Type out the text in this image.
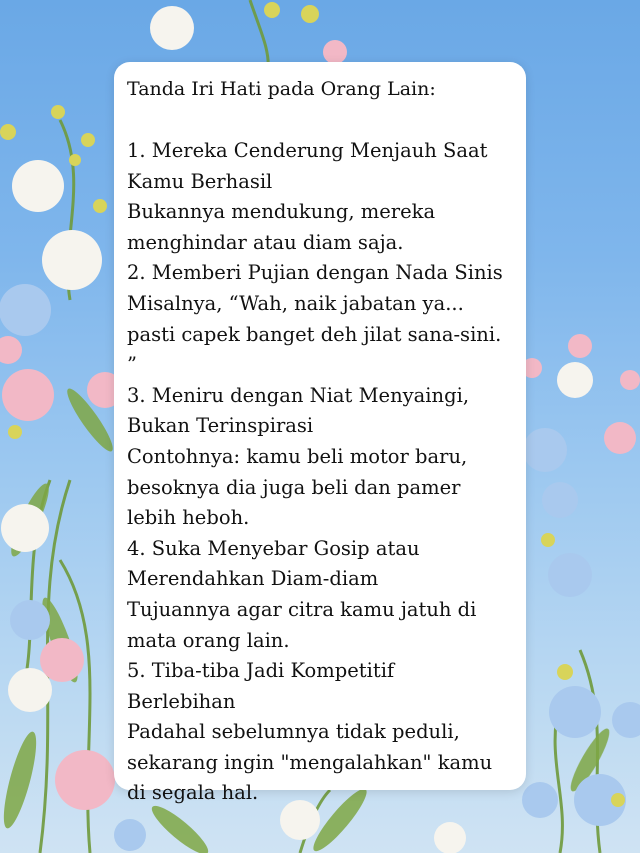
Tanda Iri Hati pada Orang Lain:

1. Mereka Cenderung Menjauh Saat
Kamu Berhasil
Bukannya mendukung, mereka
menghindar atau diam saja.
2. Memberi Pujian dengan Nada Sinis
Misalnya, “Wah, naik jabatan ya...
pasti capek banget deh jilat sana-sini.
”
3. Meniru dengan Niat Menyaingi,
Bukan Terinspirasi
Contohnya: kamu beli motor baru,
besoknya dia juga beli dan pamer
lebih heboh.
4. Suka Menyebar Gosip atau
Merendahkan Diam-diam
Tujuannya agar citra kamu jatuh di
mata orang lain.
5. Tiba-tiba Jadi Kompetitif
Berlebihan
Padahal sebelumnya tidak peduli,
sekarang ingin "mengalahkan" kamu
di segala hal.
